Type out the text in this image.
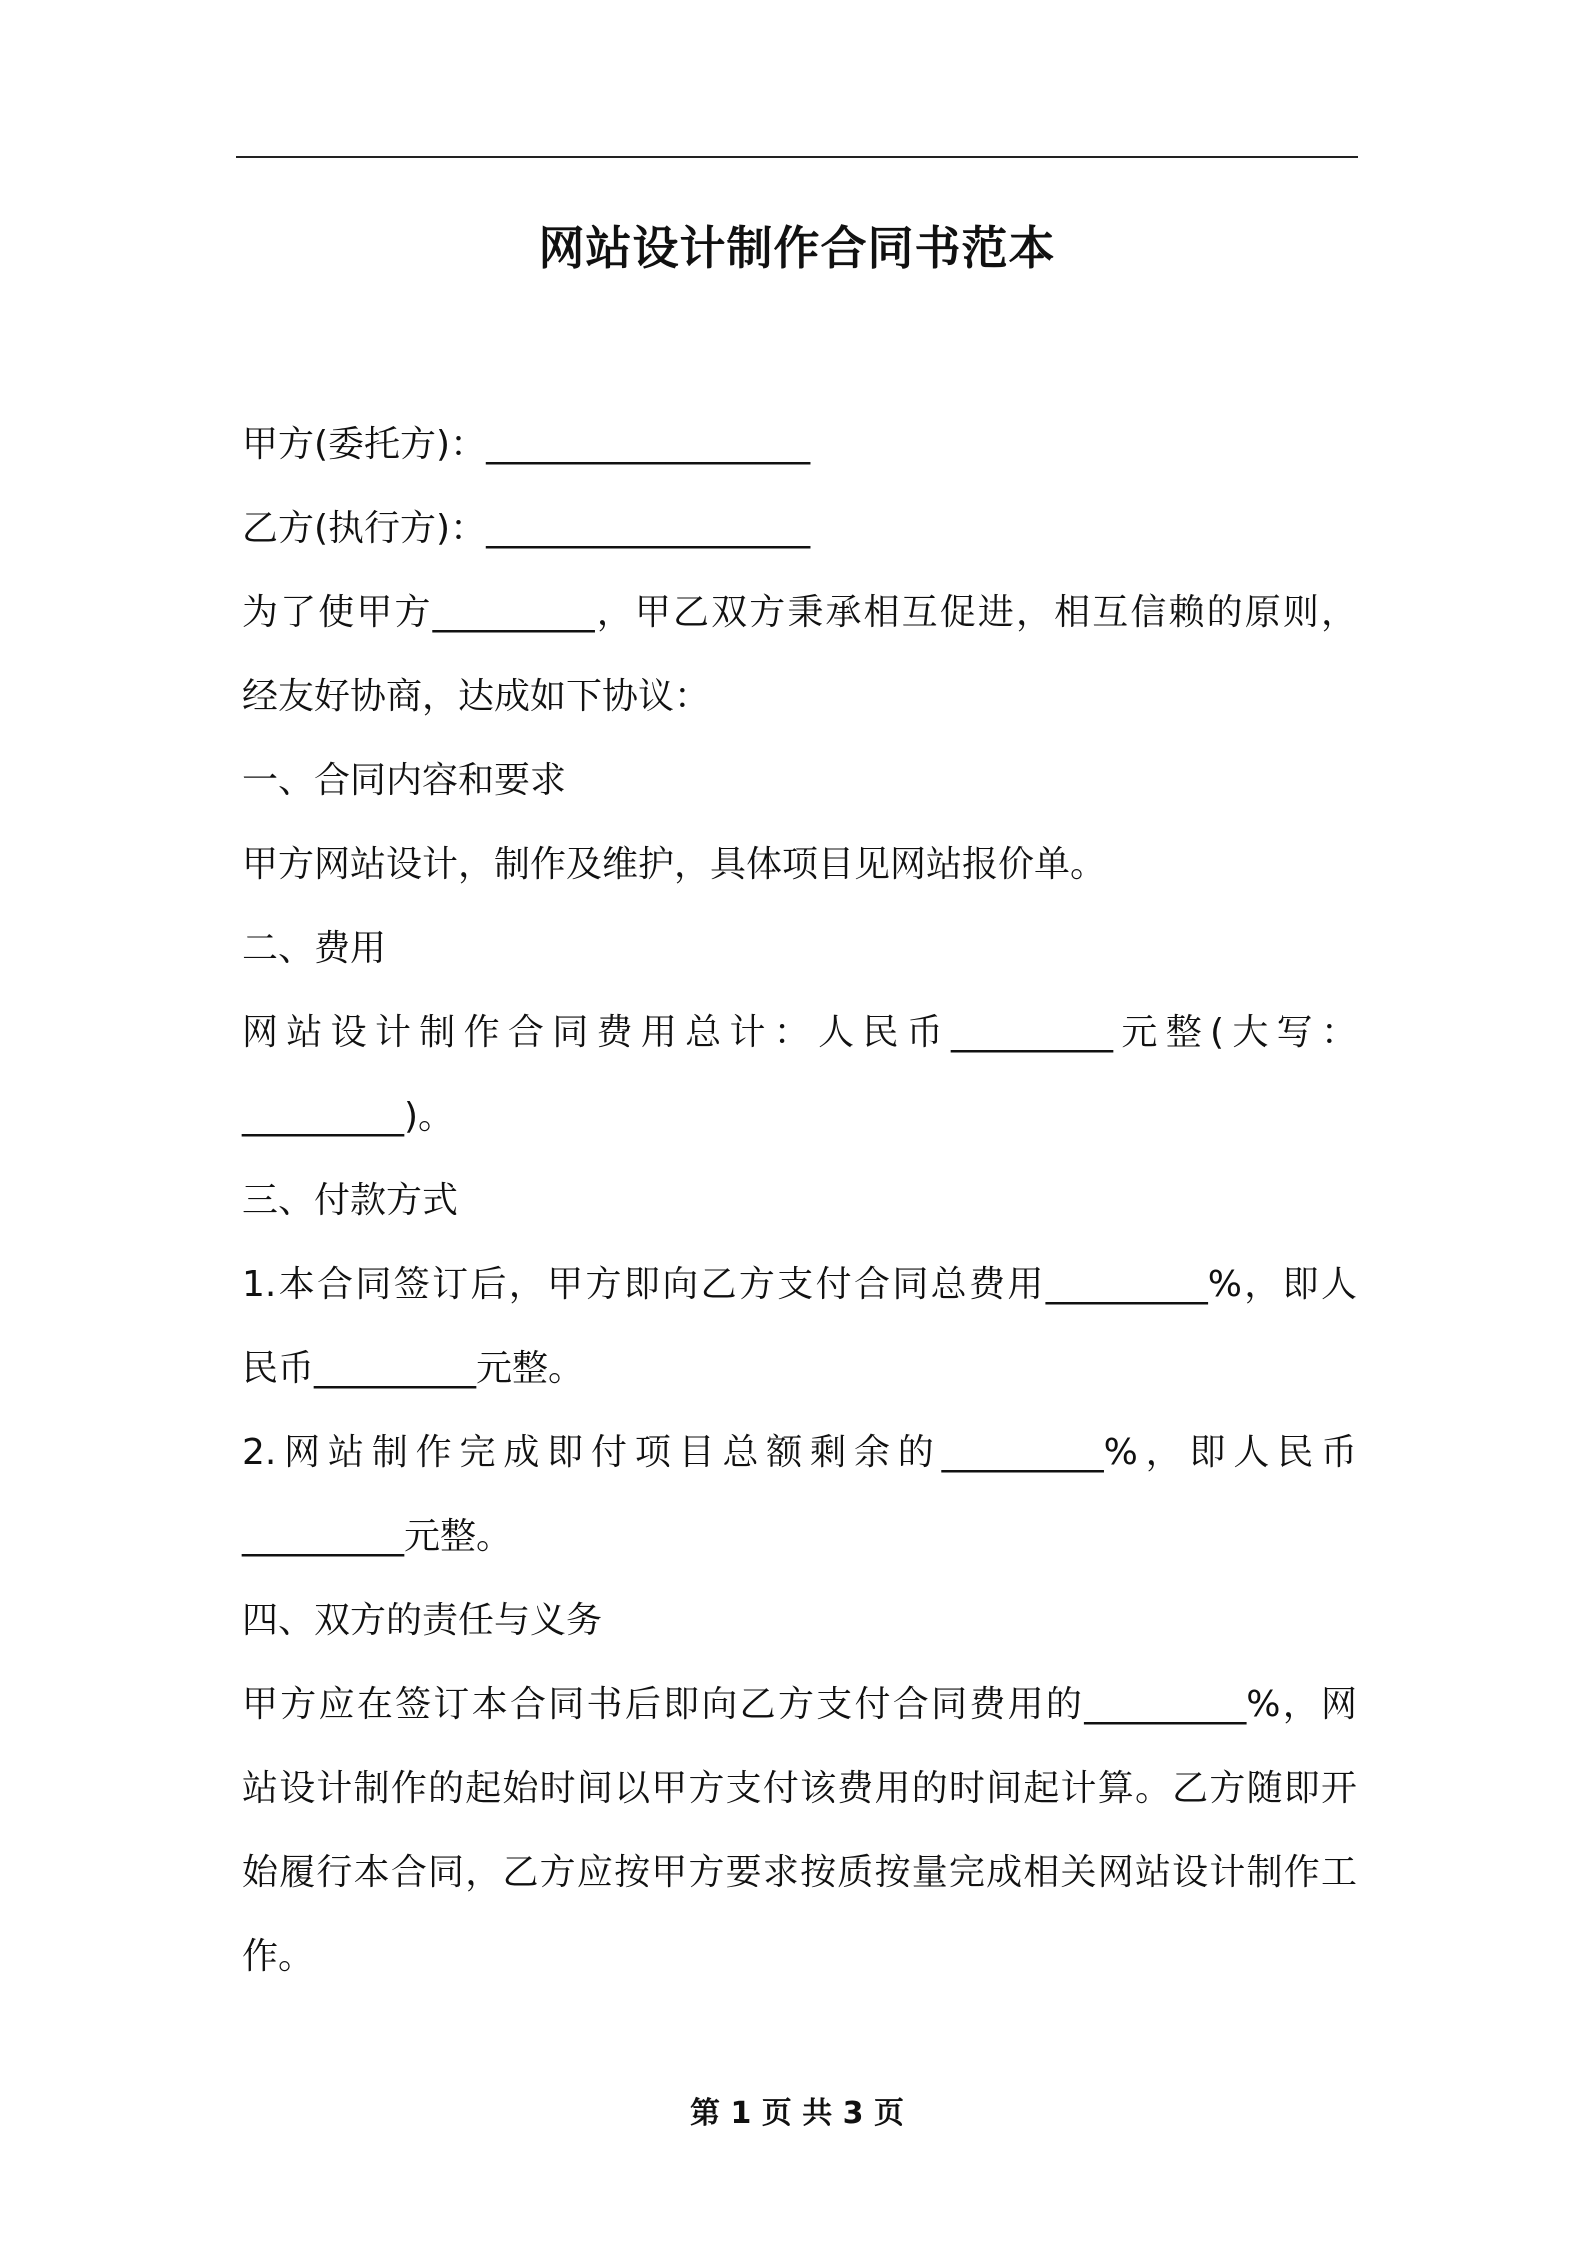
网站设计制作合同书范本
甲方(委托方)：__________________
乙方(执行方)：__________________
为了使甲方_________，甲乙双方秉承相互促进，相互信赖的原则，
经友好协商，达成如下协议：
一、合同内容和要求
甲方网站设计，制作及维护，具体项目见网站报价单。
二、费用
网站设计制作合同费用总计：人民币_________元整(大写：
_________)。
三、付款方式
1.本合同签订后，甲方即向乙方支付合同总费用_________%，即人
民币_________元整。
2.网站制作完成即付项目总额剩余的_________%，即人民币
_________元整。
四、双方的责任与义务
甲方应在签订本合同书后即向乙方支付合同费用的_________%，网
站设计制作的起始时间以甲方支付该费用的时间起计算。乙方随即开
始履行本合同，乙方应按甲方要求按质按量完成相关网站设计制作工
作。
第 1 页 共 3 页
